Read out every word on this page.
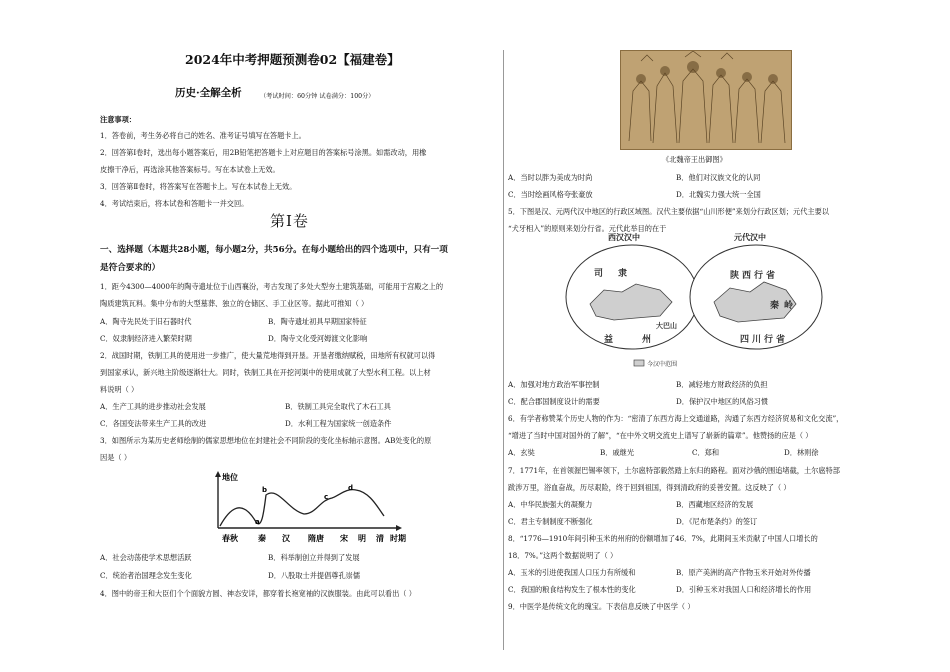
2024年中考押题预测卷02【福建卷】
历史·全解全析	（考试时间：60分钟 试卷满分：100分）
注意事项：
1．答卷前，考生务必将自己的姓名、准考证号填写在答题卡上。
2．回答第Ⅰ卷时，选出每小题答案后，用2B铅笔把答题卡上对应题目的答案标号涂黑。如需改动，用橡
皮擦干净后，再选涂其他答案标号。写在本试卷上无效。
3．回答第Ⅱ卷时，将答案写在答题卡上。写在本试卷上无效。
4．考试结束后，将本试卷和答题卡一并交回。
第Ⅰ卷
一、选择题（本题共28小题，每小题2分，共56分。在每小题给出的四个选项中，只有一项
是符合要求的）
1．距今4300—4000年的陶寺遗址位于山西襄汾，考古发现了多处大型夯土建筑基础，可能用于宫殿之上的
陶质建筑瓦料。集中分布的大型墓葬、独立的仓储区、手工业区等。据此可推知（ ）
A．陶寺先民处于旧石器时代	B．陶寺遗址初具早期国家特征
C．奴隶制经济进入繁荣时期	D．陶寺文化受河姆渡文化影响
2．战国时期，铁制工具的使用进一步推广，使大量荒地得到开垦。开垦者缴纳赋税，田地所有权就可以得
到国家承认，新兴地主阶级逐渐壮大。同时，铁制工具在开挖河渠中的使用成就了大型水利工程。以上材
料说明（ ）
A．生产工具的进步推动社会发展	B．铁制工具完全取代了木石工具
C．各国变法带来生产工具的改进	D．水利工程为国家统一创造条件
3．如图所示为某历史老师绘制的儒家思想地位在封建社会不同阶段的变化坐标轴示意图。AB处变化的原
因是（ ）
地位
a
b
c
d
春秋	秦 汉 隋唐 宋 明 清 时期
A．社会动荡使学术思想活跃	B．科举制创立并得到了发展
C．统治者治国理念发生变化	D．八股取士并提倡尊孔崇儒
4．图中的帝王和大臣们个个面貌方圆、神态安详，都穿着长袍宽袖的汉族服装。由此可以看出（ ）
《北魏帝王出御图》
A．当时以胖为美成为时尚	B．他们对汉族文化的认同
C．当时绘画风格夸张豪放	D．北魏实力强大统一全国
5．下图是汉、元两代汉中地区的行政区域图。汉代主要依据“山川形便”来划分行政区划；元代主要以
“犬牙相入”的原则来划分行省。元代此举目的在于
西汉汉中
司 隶
益	州
大巴山
元代汉中
陕 西 行 省
秦 岭
四 川 行 省
今汉中范围
A．加强对地方政治军事控制	B．减轻地方财政经济的负担
C．配合郡国制度设计的需要	D．保护汉中地区的风俗习惯
6．有学者称赞某个历史人物的作为：“密清了东西方海上交通道路，沟通了东西方经济贸易和文化交流”，
“增进了当时中国对国外的了解”，“在中外文明交流史上谱写了崭新的篇章”。他赞扬的应是（ ）
A．玄奘	B．戚继光	C．郑和	D．林则徐
7．1771年，在首领渥巴锡率领下，土尔扈特部毅然踏上东归的路程。面对沙俄的围追堵截，土尔扈特部
跋涉万里，浴血奋战，历尽艰险，终于回到祖国，得到清政府的妥善安置。这反映了（ ）
A．中华民族强大的凝聚力	B．西藏地区经济的发展
C．君主专制制度不断强化	D．《尼布楚条约》的签订
8．“1776—1910年间引种玉米的州府的份额增加了46．7%，此期间玉米贡献了中国人口增长的
18．7%。”这两个数据说明了（ ）
A．玉米的引进使我国人口压力有所缓和	B．原产美洲的高产作物玉米开始对外传播
C．我国的粮食结构发生了根本性的变化	D．引种玉米对我国人口和经济增长的作用
9．中医学是传统文化的瑰宝。下表信息反映了中医学（ ）
